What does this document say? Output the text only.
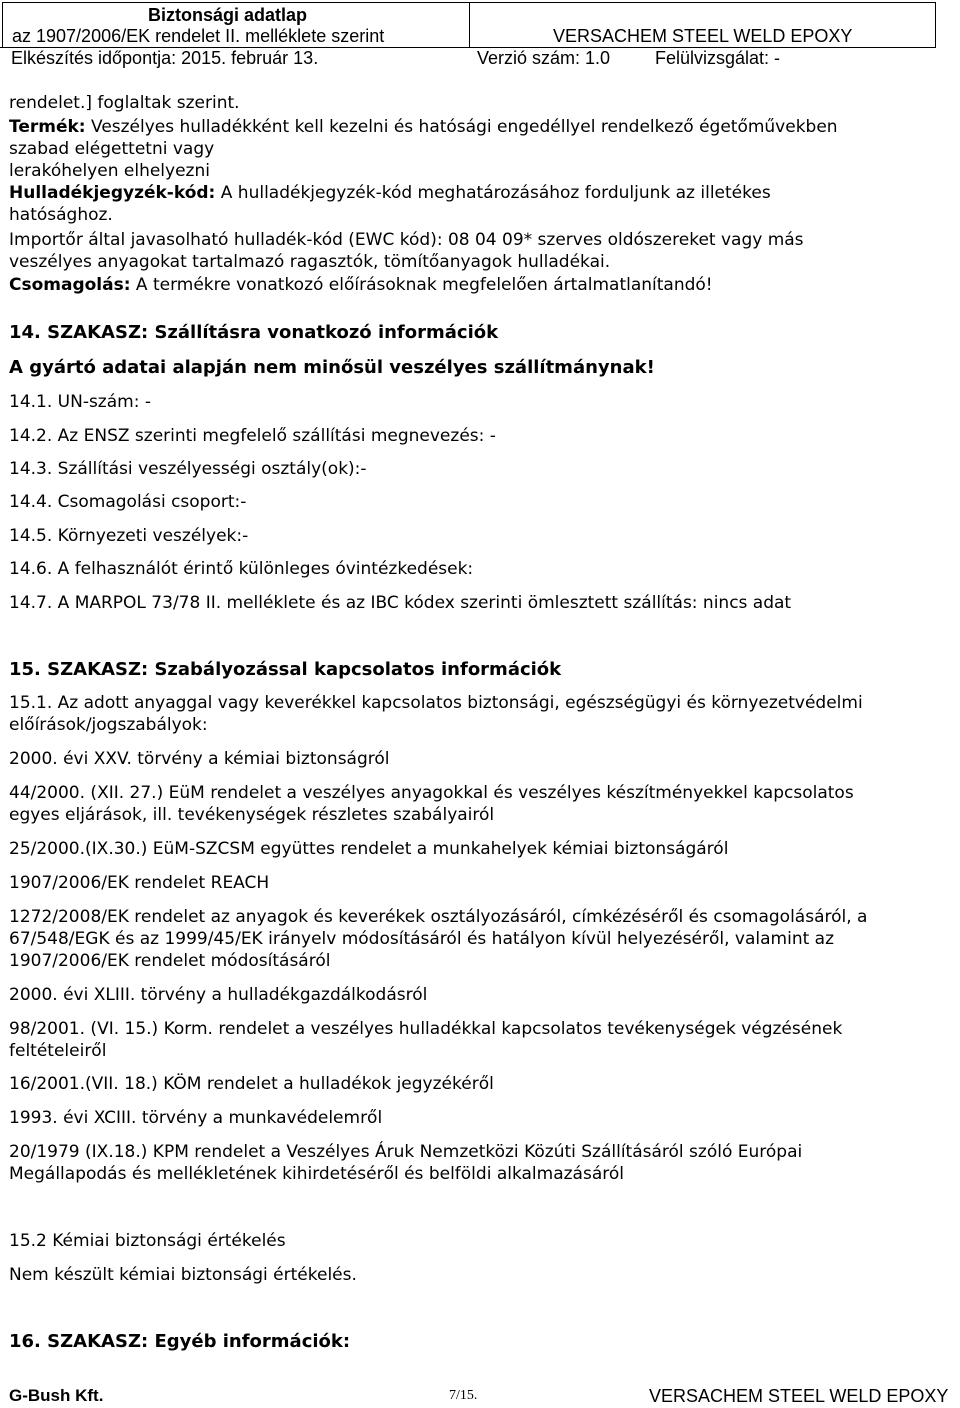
Biztonsági adatlap
az 1907/2006/EK rendelet II. melléklete szerint	VERSACHEM STEEL WELD EPOXY
Elkészítés időpontja: 2015. február 13.	Verzió szám: 1.0 Felülvizsgálat: -
rendelet.] foglaltak szerint.
Termék: Veszélyes hulladékként kell kezelni és hatósági engedéllyel rendelkező égetőművekben
szabad elégettetni vagy
lerakóhelyen elhelyezni
Hulladékjegyzék-kód: A hulladékjegyzék-kód meghatározásához forduljunk az illetékes
hatósághoz.
Importőr által javasolható hulladék-kód (EWC kód): 08 04 09* szerves oldószereket vagy más
veszélyes anyagokat tartalmazó ragasztók, tömítőanyagok hulladékai.
Csomagolás: A termékre vonatkozó előírásoknak megfelelően ártalmatlanítandó!
14. SZAKASZ: Szállításra vonatkozó információk
A gyártó adatai alapján nem minősül veszélyes szállítmánynak!
14.1. UN-szám: -
14.2. Az ENSZ szerinti megfelelő szállítási megnevezés: -
14.3. Szállítási veszélyességi osztály(ok):-
14.4. Csomagolási csoport:-
14.5. Környezeti veszélyek:-
14.6. A felhasználót érintő különleges óvintézkedések:
14.7. A MARPOL 73/78 II. melléklete és az IBC kódex szerinti ömlesztett szállítás: nincs adat
15. SZAKASZ: Szabályozással kapcsolatos információk
15.1. Az adott anyaggal vagy keverékkel kapcsolatos biztonsági, egészségügyi és környezetvédelmi
előírások/jogszabályok:
2000. évi XXV. törvény a kémiai biztonságról
44/2000. (XII. 27.) EüM rendelet a veszélyes anyagokkal és veszélyes készítményekkel kapcsolatos
egyes eljárások, ill. tevékenységek részletes szabályairól
25/2000.(IX.30.) EüM-SZCSM együttes rendelet a munkahelyek kémiai biztonságáról
1907/2006/EK rendelet REACH
1272/2008/EK rendelet az anyagok és keverékek osztályozásáról, címkézéséről és csomagolásáról, a
67/548/EGK és az 1999/45/EK irányelv módosításáról és hatályon kívül helyezéséről, valamint az
1907/2006/EK rendelet módosításáról
2000. évi XLIII. törvény a hulladékgazdálkodásról
98/2001. (VI. 15.) Korm. rendelet a veszélyes hulladékkal kapcsolatos tevékenységek végzésének
feltételeiről
16/2001.(VII. 18.) KÖM rendelet a hulladékok jegyzékéről
1993. évi XCIII. törvény a munkavédelemről
20/1979 (IX.18.) KPM rendelet a Veszélyes Áruk Nemzetközi Közúti Szállításáról szóló Európai
Megállapodás és mellékletének kihirdetéséről és belföldi alkalmazásáról
15.2 Kémiai biztonsági értékelés
Nem készült kémiai biztonsági értékelés.
16. SZAKASZ: Egyéb információk:
G-Bush Kft.	7/15.	VERSACHEM STEEL WELD EPOXY
